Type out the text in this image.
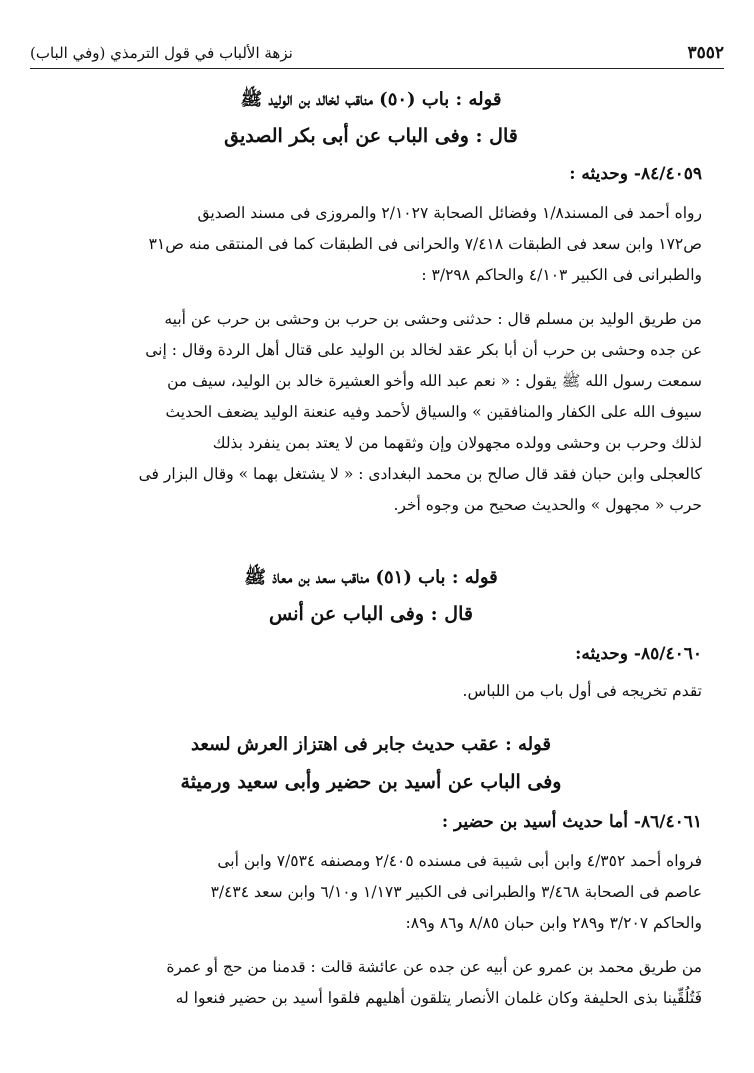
٣٥٥٢
نزهة الألباب في قول الترمذي (وفي الباب)
قوله : باب (٥٠) مناقب لخالد بن الوليد ﷺ
قال : وفى الباب عن أبى بكر الصديق
٨٤/٤٠٥٩- وحديثه :
رواه أحمد فى المسند١/٨ وفضائل الصحابة ٢/١٠٢٧ والمروزى فى مسند الصديق
ص١٧٢ وابن سعد فى الطبقات ٧/٤١٨ والحرانى فى الطبقات كما فى المنتقى منه ص٣١
والطبرانى فى الكبير ٤/١٠٣ والحاكم ٣/٢٩٨ :
من طريق الوليد بن مسلم قال : حدثنى وحشى بن حرب بن وحشى بن حرب عن أبيه
عن جده وحشى بن حرب أن أبا بكر عقد لخالد بن الوليد على قتال أهل الردة وقال : إنى
سمعت رسول الله ﷺ يقول : « نعم عبد الله وأخو العشيرة خالد بن الوليد، سيف من
سيوف الله على الكفار والمنافقين » والسياق لأحمد وفيه عنعنة الوليد يضعف الحديث
لذلك وحرب بن وحشى وولده مجهولان وإن وثقهما من لا يعتد بمن ينفرد بذلك
كالعجلى وابن حبان فقد قال صالح بن محمد البغدادى : « لا يشتغل بهما » وقال البزار فى
حرب « مجهول » والحديث صحيح من وجوه أخر.
قوله : باب (٥١) مناقب سعد بن معاذ ﷺ
قال : وفى الباب عن أنس
٨٥/٤٠٦٠- وحديثه:
تقدم تخريجه فى أول باب من اللباس.
قوله : عقب حديث جابر فى اهتزاز العرش لسعد
وفى الباب عن أسيد بن حضير وأبى سعيد ورميثة
٨٦/٤٠٦١- أما حديث أسيد بن حضير :
فرواه أحمد ٤/٣٥٢ وابن أبى شيبة فى مسنده ٢/٤٠٥ ومصنفه ٧/٥٣٤ وابن أبى
عاصم فى الصحابة ٣/٤٦٨ والطبرانى فى الكبير ١/١٧٣ و٦/١٠ وابن سعد ٣/٤٣٤
والحاكم ٣/٢٠٧ و٢٨٩ وابن حبان ٨/٨٥ و٨٦ و٨٩:
من طريق محمد بن عمرو عن أبيه عن جده عن عائشة قالت : قدمنا من حج أو عمرة
فَتُلُقِّينا بذى الحليفة وكان غلمان الأنصار يتلقون أهليهم فلقوا أسيد بن حضير فنعوا له
